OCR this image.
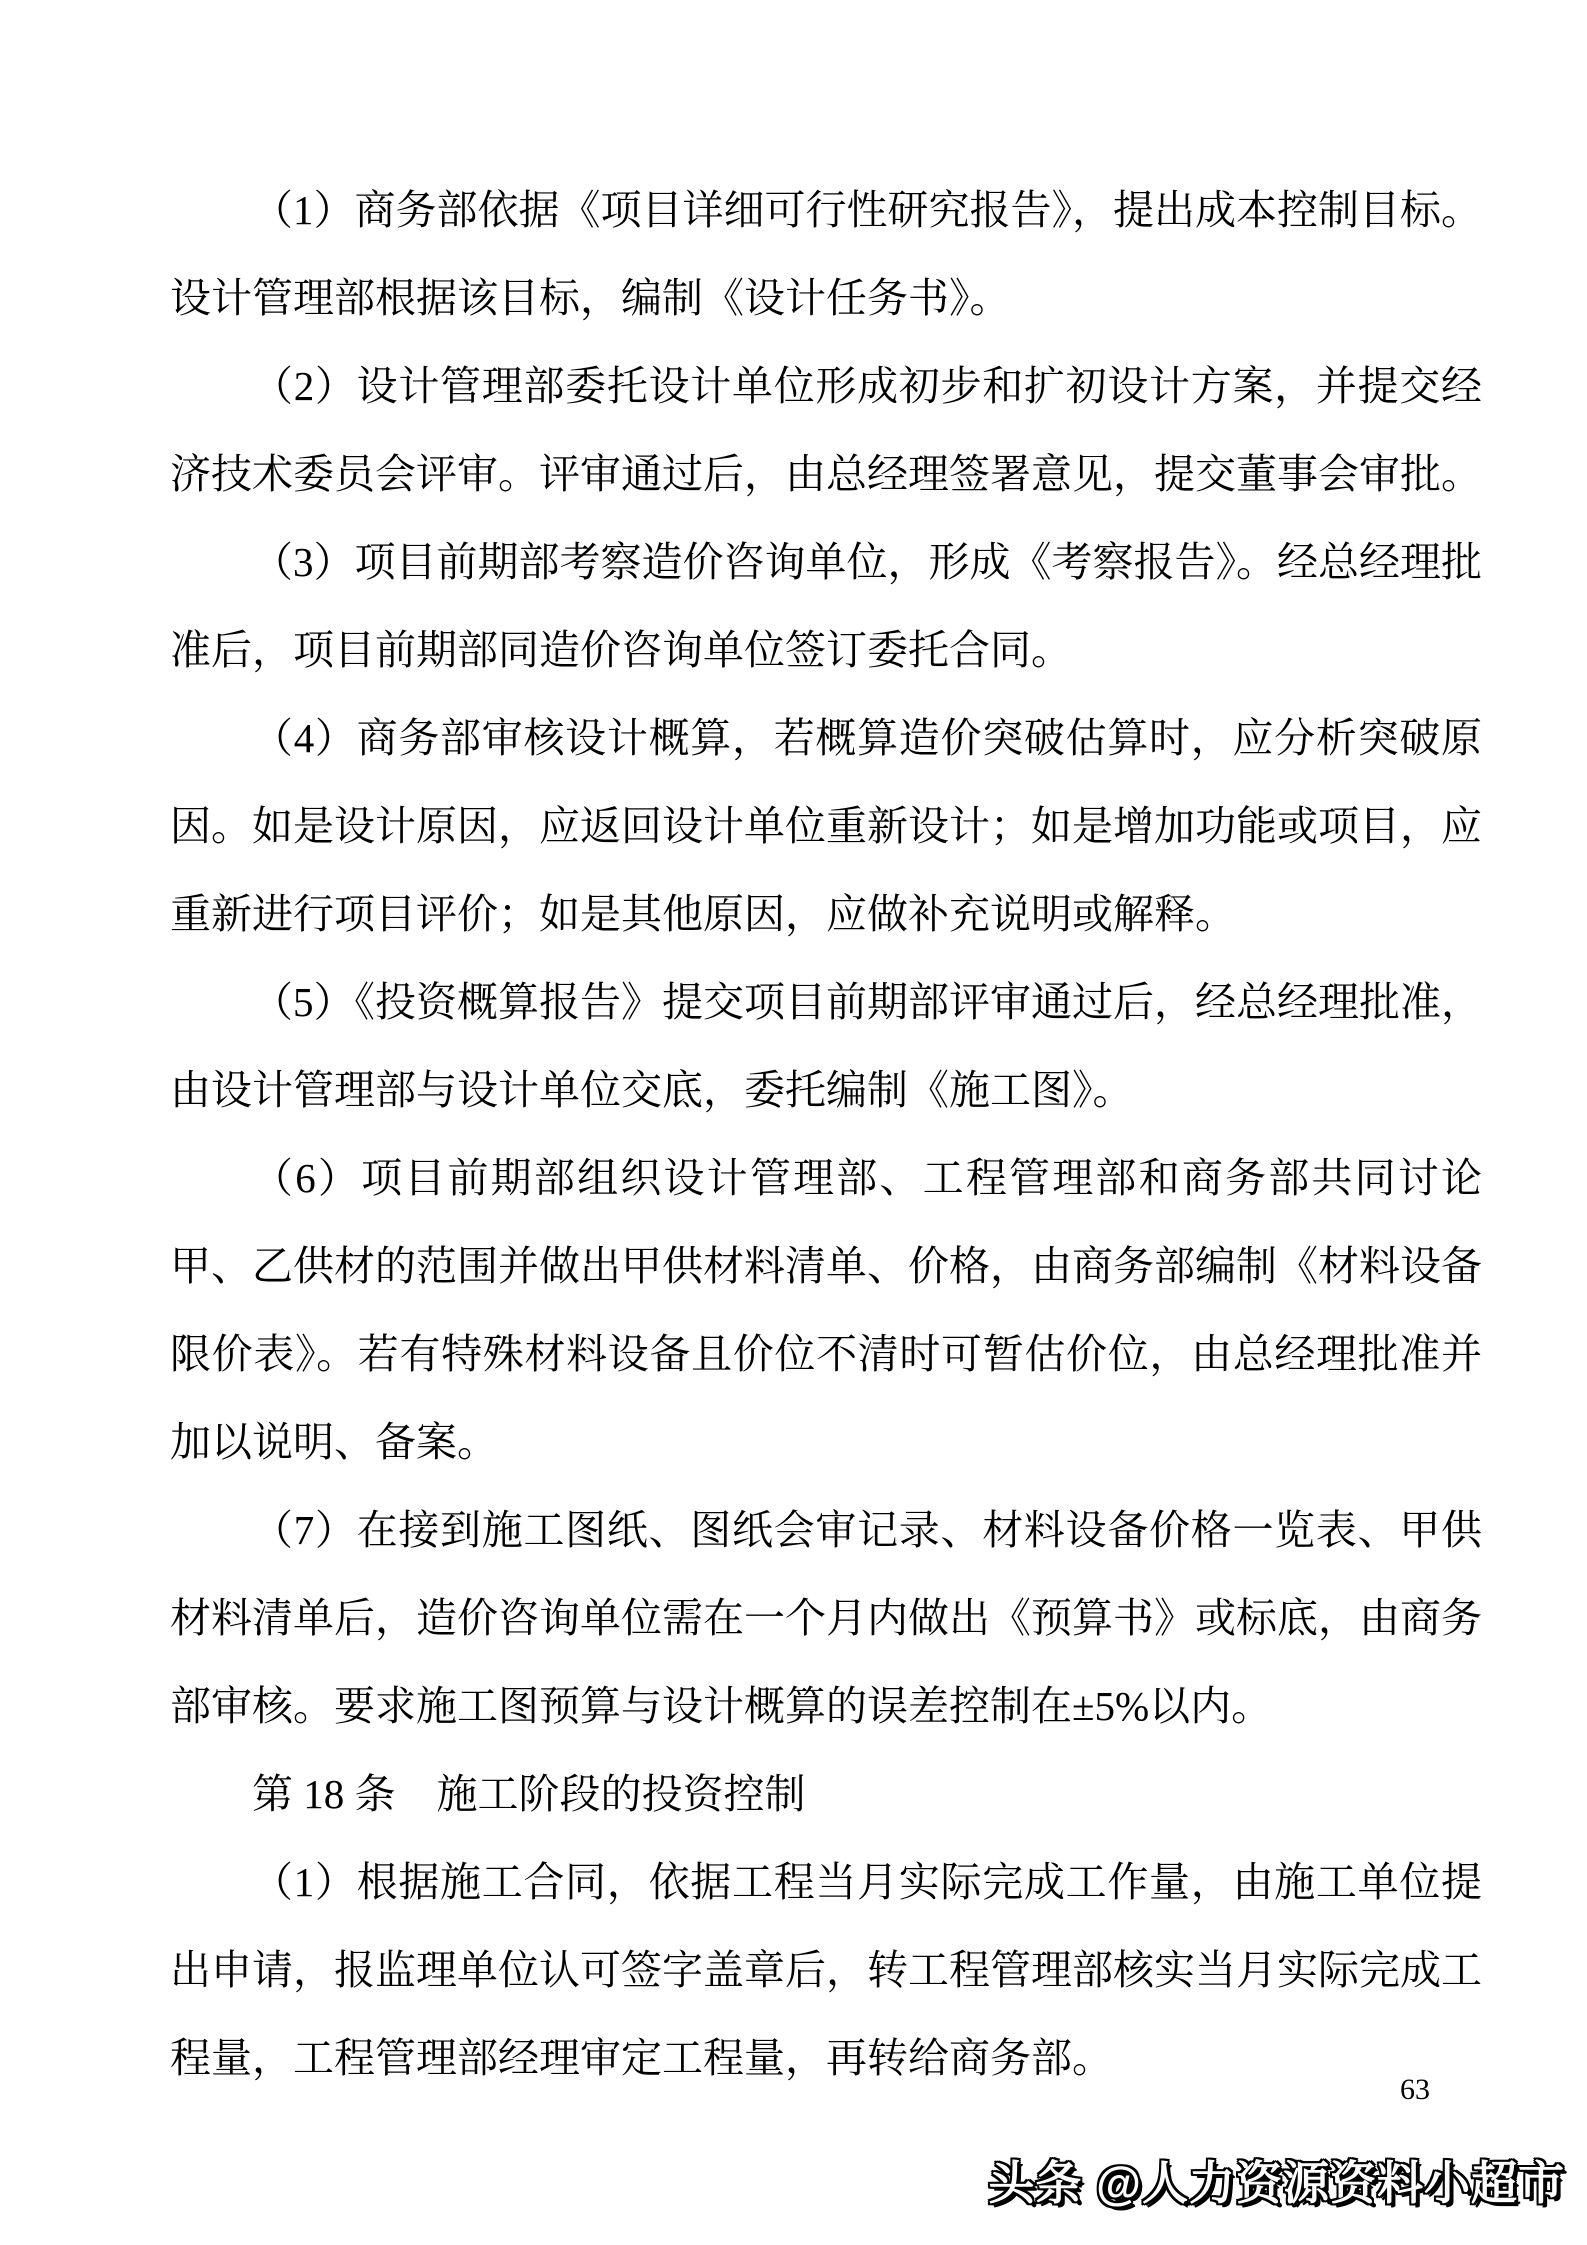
（1）商务部依据《项目详细可行性研究报告》，提出成本控制目标。设计管理部根据该目标，编制《设计任务书》。

（2）设计管理部委托设计单位形成初步和扩初设计方案，并提交经济技术委员会评审。评审通过后，由总经理签署意见，提交董事会审批。

（3）项目前期部考察造价咨询单位，形成《考察报告》。经总经理批准后，项目前期部同造价咨询单位签订委托合同。

（4）商务部审核设计概算，若概算造价突破估算时，应分析突破原因。如是设计原因，应返回设计单位重新设计；如是增加功能或项目，应重新进行项目评价；如是其他原因，应做补充说明或解释。

（5）《投资概算报告》提交项目前期部评审通过后，经总经理批准，由设计管理部与设计单位交底，委托编制《施工图》。

（6）项目前期部组织设计管理部、工程管理部和商务部共同讨论甲、乙供材的范围并做出甲供材料清单、价格，由商务部编制《材料设备限价表》。若有特殊材料设备且价位不清时可暂估价位，由总经理批准并加以说明、备案。

（7）在接到施工图纸、图纸会审记录、材料设备价格一览表、甲供材料清单后，造价咨询单位需在一个月内做出《预算书》或标底，由商务部审核。要求施工图预算与设计概算的误差控制在±5%以内。

第 18 条　施工阶段的投资控制

（1）根据施工合同，依据工程当月实际完成工作量，由施工单位提出申请，报监理单位认可签字盖章后，转工程管理部核实当月实际完成工程量，工程管理部经理审定工程量，再转给商务部。

63
头条 @人力资源资料小超市
